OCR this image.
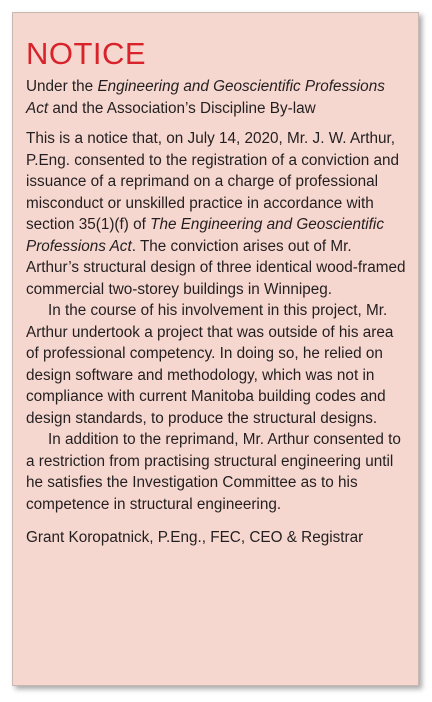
NOTICE

Under the Engineering and Geoscientific Professions Act and the Association’s Discipline By-law

This is a notice that, on July 14, 2020, Mr. J. W. Arthur, P.Eng. consented to the registration of a conviction and issuance of a reprimand on a charge of professional misconduct or unskilled practice in accordance with section 35(1)(f) of The Engineering and Geoscientific Professions Act. The conviction arises out of Mr. Arthur’s structural design of three identical wood-framed commercial two-storey buildings in Winnipeg.

In the course of his involvement in this project, Mr. Arthur undertook a project that was outside of his area of professional competency. In doing so, he relied on design software and methodology, which was not in compliance with current Manitoba building codes and design standards, to produce the structural designs.

In addition to the reprimand, Mr. Arthur consented to a restriction from practising structural engineering until he satisfies the Investigation Committee as to his competence in structural engineering.

Grant Koropatnick, P.Eng., FEC, CEO & Registrar
